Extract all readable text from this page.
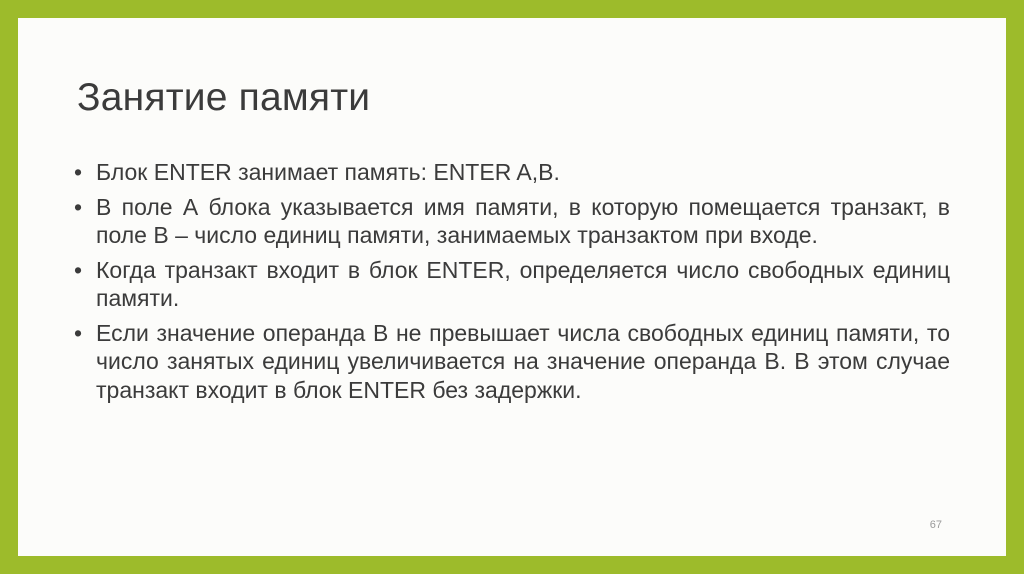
Занятие памяти
• Блок ENTER занимает память: ENTER A,B.
• В поле А блока указывается имя памяти, в которую помещается транзакт, в поле В – число единиц памяти, занимаемых транзактом при входе.
• Когда транзакт входит в блок ENTER, определяется число свободных единиц памяти.
• Если значение операнда В не превышает числа свободных единиц памяти, то число занятых единиц увеличивается на значение операнда В. В этом случае транзакт входит в блок ENTER без задержки.
67
